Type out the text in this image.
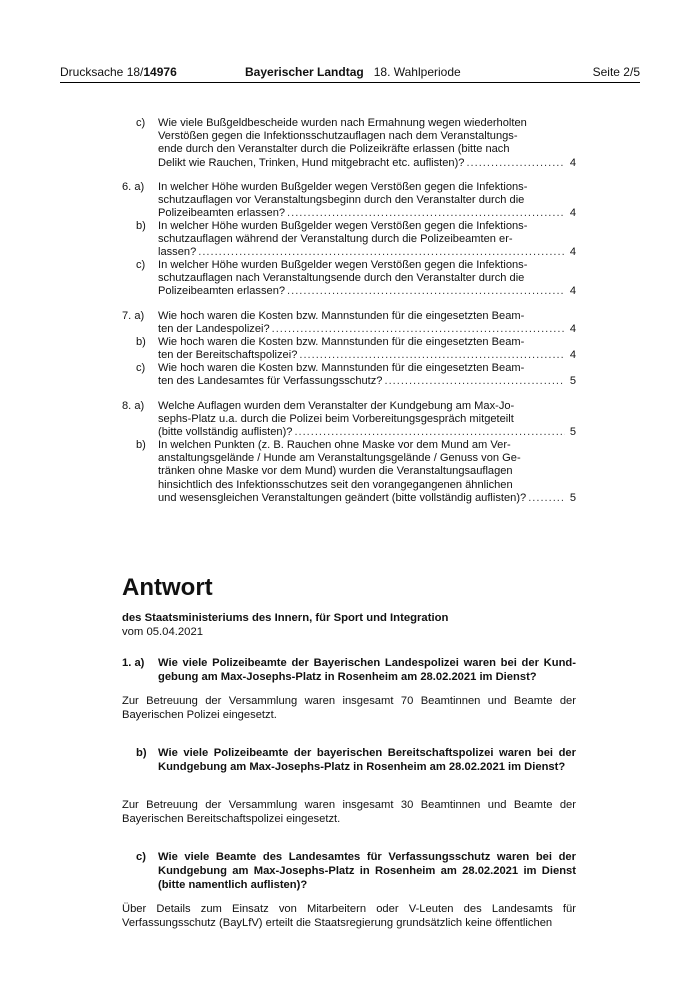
Drucksache 18/14976	Bayerischer Landtag 18. Wahlperiode	Seite 2/5
c) Wie viele Bußgeldbescheide wurden nach Ermahnung wegen wiederholten
Verstößen gegen die Infektionsschutzauflagen nach dem Veranstaltungs-
ende durch den Veranstalter durch die Polizeikräfte erlassen (bitte nach
Delikt wie Rauchen, Trinken, Hund mitgebracht etc. auflisten)? .....	4
6. a) In welcher Höhe wurden Bußgelder wegen Verstößen gegen die Infektions-
schutzauflagen vor Veranstaltungsbeginn durch den Veranstalter durch die
Polizeibeamten erlassen? .....	4
b) In welcher Höhe wurden Bußgelder wegen Verstößen gegen die Infektions-
schutzauflagen während der Veranstaltung durch die Polizeibeamten er-
lassen? .....	4
c) In welcher Höhe wurden Bußgelder wegen Verstößen gegen die Infektions-
schutzauflagen nach Veranstaltungsende durch den Veranstalter durch die
Polizeibeamten erlassen? .....	4
7. a) Wie hoch waren die Kosten bzw. Mannstunden für die eingesetzten Beam-
ten der Landespolizei? .....	4
b) Wie hoch waren die Kosten bzw. Mannstunden für die eingesetzten Beam-
ten der Bereitschaftspolizei? .....	4
c) Wie hoch waren die Kosten bzw. Mannstunden für die eingesetzten Beam-
ten des Landesamtes für Verfassungsschutz? .....	5
8. a) Welche Auflagen wurden dem Veranstalter der Kundgebung am Max-Jo-
sephs-Platz u.a. durch die Polizei beim Vorbereitungsgespräch mitgeteilt
(bitte vollständig auflisten)? .....	5
b) In welchen Punkten (z. B. Rauchen ohne Maske vor dem Mund am Ver-
anstaltungsgelände / Hunde am Veranstaltungsgelände / Genuss von Ge-
tränken ohne Maske vor dem Mund) wurden die Veranstaltungsauflagen
hinsichtlich des Infektionsschutzes seit den vorangegangenen ähnlichen
und wesensgleichen Veranstaltungen geändert (bitte vollständig auflisten)? .....	5
Antwort
des Staatsministeriums des Innern, für Sport und Integration
vom 05.04.2021
1. a)	Wie viele Polizeibeamte der Bayerischen Landespolizei waren bei der Kund-gebung am Max-Josephs-Platz in Rosenheim am 28.02.2021 im Dienst?
Zur Betreuung der Versammlung waren insgesamt 70 Beamtinnen und Beamte der Bayerischen Polizei eingesetzt.
b)	Wie viele Polizeibeamte der bayerischen Bereitschaftspolizei waren bei der Kundgebung am Max-Josephs-Platz in Rosenheim am 28.02.2021 im Dienst?
Zur Betreuung der Versammlung waren insgesamt 30 Beamtinnen und Beamte der Bayerischen Bereitschaftspolizei eingesetzt.
c)	Wie viele Beamte des Landesamtes für Verfassungsschutz waren bei der Kundgebung am Max-Josephs-Platz in Rosenheim am 28.02.2021 im Dienst (bitte namentlich auflisten)?
Über Details zum Einsatz von Mitarbeitern oder V-Leuten des Landesamts für Verfassungsschutz (BayLfV) erteilt die Staatsregierung grundsätzlich keine öffentlichen
